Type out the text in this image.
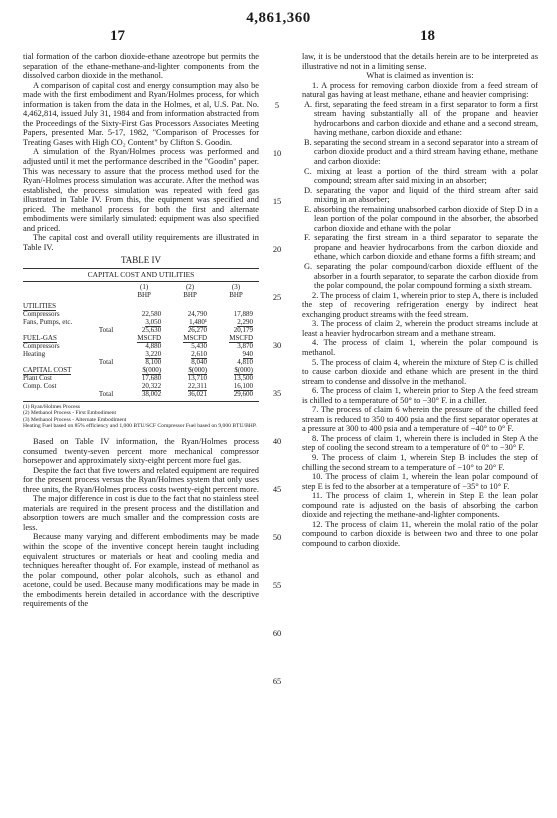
17
4,861,360
18
5
10
15
20
25
30
35
40
45
50
55
60
65

tial formation of the carbon dioxide-ethane azeotrope but permits the separation of the ethane-methane-and-lighter components from the dissolved carbon dioxide in the methanol.

A comparison of capital cost and energy consumption may also be made with the first embodiment and Ryan/Holmes process, for which information is taken from the data in the Holmes, et al, U.S. Pat. No. 4,462,814, issued July 31, 1984 and from information abstracted from the Proceedings of the Sixty-First Gas Processors Associates Meeting Papers, presented Mar. 5-17, 1982, "Comparison of Processes for Treating Gases with High CO₂ Content" by Clifton S. Goodin.

A simulation of the Ryan/Holmes process was performed and adjusted until it met the performance described in the "Goodin" paper. This was necessary to assure that the process method used for the Ryan/-Holmes process simulation was accurate. After the method was established, the process simulation was repeated with feed gas illustrated in Table IV. From this, the equipment was specified and priced. The methanol process for both the first and alternate embodiments were similarly simulated: equipment was also specified and priced.

The capital cost and overall utility requirements are illustrated in Table IV.

TABLE IV
CAPITAL COST AND UTILITIES
		(1)	(2)	(3)
		BHP	BHP	BHP
UTILITIES				
Compressors		22,580	24,790	17,889
Fans, Pumps, etc.		3,050	1,480¹	2,290
	Total	25,630	26,270	20,179
FUEL-GAS		MSCFD	MSCFD	MSCFD
Compressors		4,880	5,430	3,870
Heating		3,220	2,610	940
	Total	8,100	8,040	4,810
CAPITAL COST		$(000)	$(000)	$(000)
Plant Cost		17,680	13,710	13,500
Comp. Cost		20,322	22,311	16,100
	Total	38,002	36,021	29,600
(1) Ryan/Holmes Process
(2) Methanol Process - First Embodiment
(3) Methanol Process - Alternate Embodiment
Heating Fuel based on 85% efficiency and 1,000 BTU/SCF Compressor Fuel based on 9,000 BTU/BHP.

Based on Table IV information, the Ryan/Holmes process consumed twenty-seven percent more mechanical compressor horsepower and approximately sixty-eight percent more fuel gas.

Despite the fact that five towers and related equipment are required for the present process versus the Ryan/Holmes system that only uses three units, the Ryan/Holmes process costs twenty-eight percent more.

The major difference in cost is due to the fact that no stainless steel materials are required in the present process and the distillation and absorption towers are much smaller and the compression costs are less.

Because many varying and different embodiments may be made within the scope of the inventive concept herein taught including equivalent structures or materials or heat and cooling media and techniques hereafter thought of. For example, instead of methanol as the polar compound, other polar alcohols, such as ethanol and acetone, could be used. Because many modifications may be made in the embodiments herein detailed in accordance with the descriptive requirements of the

law, it is be understood that the details herein are to be interpreted as illustrative nd not in a limiting sense.

What is claimed as invention is:

1. A process for removing carbon dioxide from a feed stream of natural gas having at least methane, ethane and heavier comprising:

A. first, separating the feed stream in a first separator to form a first stream having substantially all of the propane and heavier hydrocarbons and carbon dioxide and ethane and a second stream, having methane, carbon dioxide and ethane:

B. separating the second stream in a second separator into a stream of carbon dioxide product and a third stream having ethane, methane and carbon dioxide:

C. mixing at least a portion of the third stream with a polar compound; stream after said mixing in an absorber;

D. separating the vapor and liquid of the third stream after said mixing in an absorber;

E. absorbing the remaining unabsorbed carbon dioxide of Step D in a lean portion of the polar compound in the absorber, the absorbed carbon dioxide and ethane with the polar

F. separating the first stream in a third separator to separate the propane and heavier hydrocarbons from the carbon dioxide and ethane, which carbon dioxide and ethane forms a fifth stream; and

G. separating the polar compound/carbon dioxide effluent of the absorber in a fourth separator, to separate the carbon dioxide from the polar compound, the polar compound forming a sixth stream.

2. The process of claim 1, wherein prior to step A, there is included the step of recovering refrigeration energy by indirect heat exchanging product streams with the feed stream.

3. The process of claim 2, wherein the product streams include at least a heavier hydrocarbon stream and a methane stream.

4. The process of claim 1, wherein the polar compound is methanol.

5. The process of claim 4, wherein the mixture of Step C is chilled to cause carbon dioxide and ethane which are present in the third stream to condense and dissolve in the methanol.

6. The process of claim 1, wherein prior to Step A the feed stream is chilled to a temperature of 50° to −30° F. in a chiller.

7. The process of claim 6 wherein the pressure of the chilled feed stream is reduced to 350 to 400 psia and the first separator operates at a pressure at 300 to 400 psia and a temperature of −40° to 0° F.

8. The process of claim 1, wherein there is included in Step A the step of cooling the second stream to a temperature of 0° to −30° F.

9. The process of claim 1, wherein Step B includes the step of chilling the second stream to a temperature of −10° to 20° F.

10. The process of claim 1, wherein the lean polar compound of step E is fed to the absorber at a temperature of −35° to 10° F.

11. The process of claim 1, wherein in Step E the lean polar compound rate is adjusted on the basis of absorbing the carbon dioxide and rejecting the methane-and-lighter components.

12. The process of claim 11, wherein the molal ratio of the polar compound to carbon dioxide is between two and three to one polar compound to carbon dioxide.
